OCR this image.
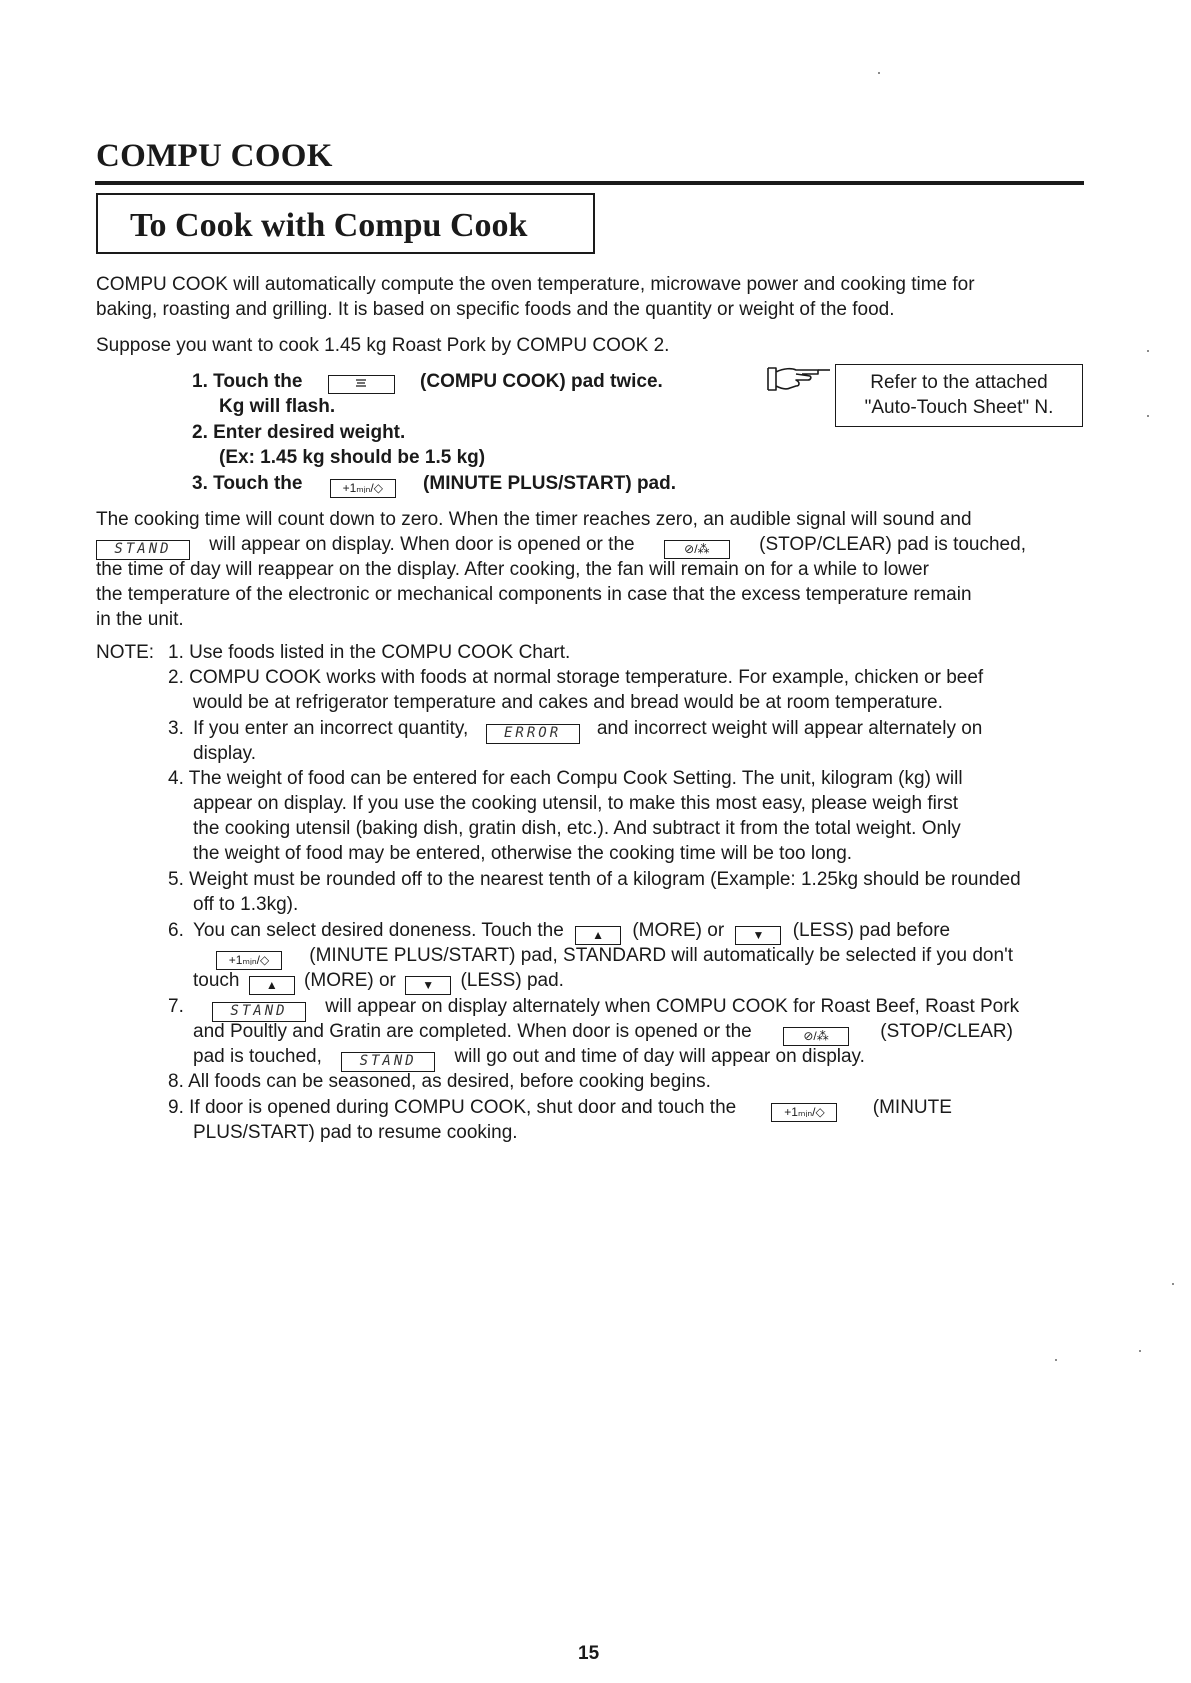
COMPU COOK
To Cook with Compu Cook
COMPU COOK will automatically compute the oven temperature, microwave power and cooking time for
baking, roasting and grilling. It is based on specific foods and the quantity or weight of the food.
Suppose you want to cook 1.45 kg Roast Pork by COMPU COOK 2.
1. Touch the	(COMPU COOK) pad twice.
Kg will flash.
2. Enter desired weight.
(Ex: 1.45 kg should be 1.5 kg)
3. Touch the	+1ₘᵢₙ/◇ (MINUTE PLUS/START) pad.
Refer to the attached
"Auto-Touch Sheet" N.
The cooking time will count down to zero. When the timer reaches zero, an audible signal will sound and
STAND will appear on display. When door is opened or the	⊘/⁂	(STOP/CLEAR) pad is touched,
the time of day will reappear on the display. After cooking, the fan will remain on for a while to lower
the temperature of the electronic or mechanical components in case that the excess temperature remain
in the unit.
NOTE: 1. Use foods listed in the COMPU COOK Chart.
2. COMPU COOK works with foods at normal storage temperature. For example, chicken or beef
would be at refrigerator temperature and cakes and bread would be at room temperature.
3. If you enter an incorrect quantity,	ERROR and incorrect weight will appear alternately on
display.
4. The weight of food can be entered for each Compu Cook Setting. The unit, kilogram (kg) will
appear on display. If you use the cooking utensil, to make this most easy, please weigh first
the cooking utensil (baking dish, gratin dish, etc.). And subtract it from the total weight. Only
the weight of food may be entered, otherwise the cooking time will be too long.
5. Weight must be rounded off to the nearest tenth of a kilogram (Example: 1.25kg should be rounded
off to 1.3kg).
6. You can select desired doneness. Touch the ▲ (MORE) or ▼ (LESS) pad before
+1ₘᵢₙ/◇ (MINUTE PLUS/START) pad, STANDARD will automatically be selected if you don't
touch ▲ (MORE) or ▼ (LESS) pad.
7.	STAND will appear on display alternately when COMPU COOK for Roast Beef, Roast Pork
and Poultly and Gratin are completed. When door is opened or the	⊘/⁂	(STOP/CLEAR)
pad is touched,	STAND will go out and time of day will appear on display.
8. All foods can be seasoned, as desired, before cooking begins.
9. If door is opened during COMPU COOK, shut door and touch the	+1ₘᵢₙ/◇	(MINUTE
PLUS/START) pad to resume cooking.
15
